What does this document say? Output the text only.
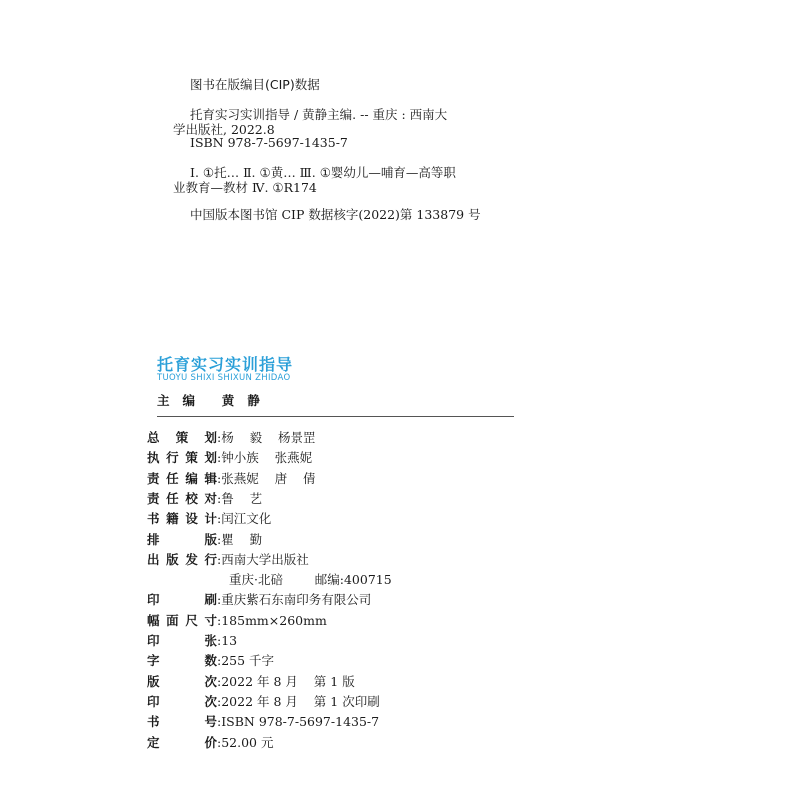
图书在版编目(CIP)数据
托育实习实训指导 / 黄静主编. -- 重庆 : 西南大
学出版社, 2022.8
ISBN 978-7-5697-1435-7
Ⅰ. ①托… Ⅱ. ①黄… Ⅲ. ①婴幼儿—哺育—高等职
业教育—教材 Ⅳ. ①R174
中国版本图书馆 CIP 数据核字(2022)第 133879 号
托育实习实训指导
TUOYU SHIXI SHIXUN ZHIDAO
主   编 黄   静
总策划:杨    毅    杨景罡
执行策划:钟小族    张燕妮
责任编辑:张燕妮    唐    倩
责任校对:鲁    艺
书籍设计:闰江文化
排版:瞿    勤
出版发行:西南大学出版社
重庆·北碚        邮编:400715
印刷:重庆紫石东南印务有限公司
幅面尺寸:185mm×260mm
印张:13
字数:255 千字
版次:2022 年 8 月    第 1 版
印次:2022 年 8 月    第 1 次印刷
书号:ISBN 978-7-5697-1435-7
定价:52.00 元
